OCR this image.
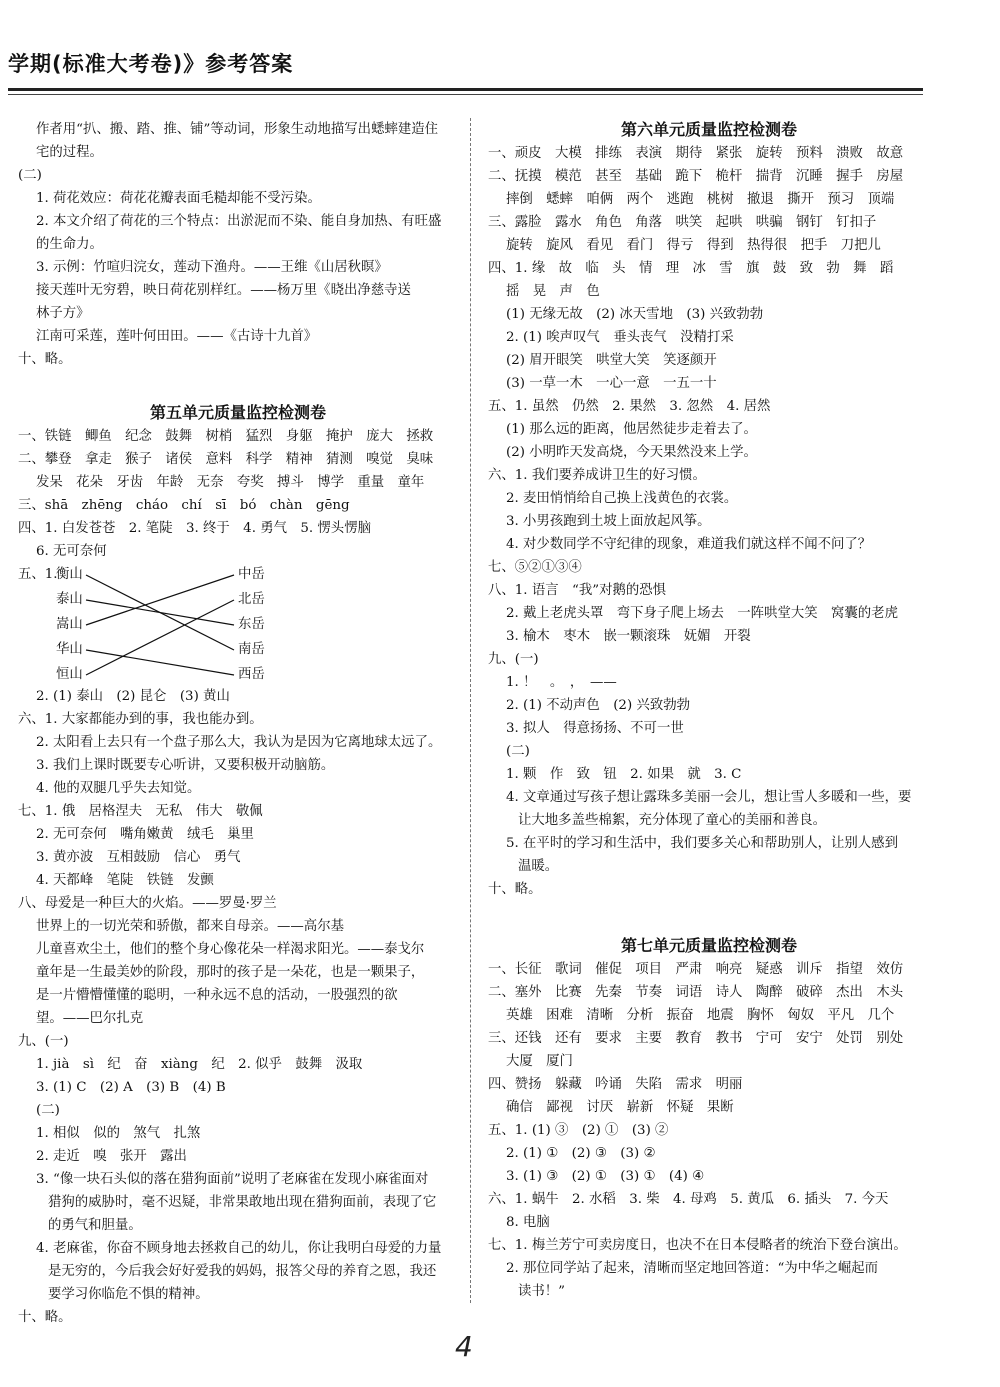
学期(标准大考卷)》参考答案
作者用“扒、搬、踏、推、铺”等动词，形象生动地描写出蟋蟀建造住
宅的过程。
(二)
1. 荷花效应：荷花花瓣表面毛糙却能不受污染。
2. 本文介绍了荷花的三个特点：出淤泥而不染、能自身加热、有旺盛
的生命力。
3. 示例：竹喧归浣女，莲动下渔舟。——王维《山居秋暝》
接天莲叶无穷碧，映日荷花别样红。——杨万里《晓出净慈寺送
林子方》
江南可采莲，莲叶何田田。——《古诗十九首》
十、略。
第五单元质量监控检测卷
一、铁链　鲫鱼　纪念　鼓舞　树梢　猛烈　身躯　掩护　庞大　拯救
二、攀登　拿走　猴子　诸侯　意料　科学　精神　猜测　嗅觉　臭味
发呆　花朵　牙齿　年龄　无奈　夸奖　搏斗　博学　重量　童年
三、shā　zhēng　cháo　chí　sī　bó　chàn　gēng
四、1. 白发苍苍　2. 笔陡　3. 终于　4. 勇气　5. 愣头愣脑
6. 无可奈何
五、1.
衡山
泰山
嵩山
华山
恒山
中岳
北岳
东岳
南岳
西岳
2. (1) 泰山　(2) 昆仑　(3) 黄山
六、1. 大家都能办到的事，我也能办到。
2. 太阳看上去只有一个盘子那么大，我认为是因为它离地球太远了。
3. 我们上课时既要专心听讲，又要积极开动脑筋。
4. 他的双腿几乎失去知觉。
七、1. 俄　居格涅夫　无私　伟大　敬佩
2. 无可奈何　嘴角嫩黄　绒毛　巢里
3. 黄亦波　互相鼓励　信心　勇气
4. 天都峰　笔陡　铁链　发颤
八、母爱是一种巨大的火焰。——罗曼·罗兰
世界上的一切光荣和骄傲，都来自母亲。——高尔基
儿童喜欢尘土，他们的整个身心像花朵一样渴求阳光。——泰戈尔
童年是一生最美妙的阶段，那时的孩子是一朵花，也是一颗果子，
是一片懵懵懂懂的聪明，一种永远不息的活动，一股强烈的欲
望。——巴尔扎克
九、(一)
1. jià　sì　纪　奋　xiàng　纪　2. 似乎　鼓舞　汲取
3. (1) C　(2) A　(3) B　(4) B
(二)
1. 相似　似的　煞气　扎煞
2. 走近　嗅　张开　露出
3. “像一块石头似的落在猎狗面前”说明了老麻雀在发现小麻雀面对
猎狗的威胁时，毫不迟疑，非常果敢地出现在猎狗面前，表现了它
的勇气和胆量。
4. 老麻雀，你奋不顾身地去拯救自己的幼儿，你让我明白母爱的力量
是无穷的，今后我会好好爱我的妈妈，报答父母的养育之恩，我还
要学习你临危不惧的精神。
十、略。
第六单元质量监控检测卷
一、顽皮　大模　排练　表演　期待　紧张　旋转　预料　溃败　故意
二、抚摸　模范　甚至　基础　跪下　桅杆　揣背　沉睡　握手　房屋
摔倒　蟋蟀　咱俩　两个　逃跑　桃树　撤退　撕开　预习　顶端
三、露脸　露水　角色　角落　哄笑　起哄　哄骗　钢钉　钉扣子
旋转　旋风　看见　看门　得亏　得到　热得很　把手　刀把儿
四、1. 缘　故　临　头　情　理　冰　雪　旗　鼓　致　勃　舞　蹈
摇　晃　声　色
(1) 无缘无故　(2) 冰天雪地　(3) 兴致勃勃
2. (1) 唉声叹气　垂头丧气　没精打采
(2) 眉开眼笑　哄堂大笑　笑逐颜开
(3) 一草一木　一心一意　一五一十
五、1. 虽然　仍然　2. 果然　3. 忽然　4. 居然
(1) 那么远的距离，他居然徒步走着去了。
(2) 小明昨天发高烧，今天果然没来上学。
六、1. 我们要养成讲卫生的好习惯。
2. 麦田悄悄给自己换上浅黄色的衣裳。
3. 小男孩跑到土坡上面放起风筝。
4. 对少数同学不守纪律的现象，难道我们就这样不闻不问了？
七、⑤②①③④
八、1. 语言　“我”对鹅的恐惧
2. 戴上老虎头罩　弯下身子爬上场去　一阵哄堂大笑　窝囊的老虎
3. 榆木　枣木　嵌一颗滚珠　妩媚　开裂
九、(一)
1. ！　。　，　——
2. (1) 不动声色　(2) 兴致勃勃
3. 拟人　得意扬扬、不可一世
(二)
1. 颗　作　致　钮　2. 如果　就　3. C
4. 文章通过写孩子想让露珠多美丽一会儿，想让雪人多暖和一些，要
让大地多盖些棉絮，充分体现了童心的美丽和善良。
5. 在平时的学习和生活中，我们要多关心和帮助别人，让别人感到
温暖。
十、略。
第七单元质量监控检测卷
一、长征　歌词　催促　项目　严肃　响亮　疑惑　训斥　指望　效仿
二、塞外　比赛　先秦　节奏　词语　诗人　陶醉　破碎　杰出　木头
英雄　困难　清晰　分析　振奋　地震　胸怀　匈奴　平凡　几个
三、还钱　还有　要求　主要　教育　教书　宁可　安宁　处罚　别处
大厦　厦门
四、赞扬　躲藏　吟诵　失陷　需求　明丽
确信　鄙视　讨厌　崭新　怀疑　果断
五、1. (1) ③　(2) ①　(3) ②
2. (1) ①　(2) ③　(3) ②
3. (1) ③　(2) ①　(3) ①　(4) ④
六、1. 蜗牛　2. 水稻　3. 柴　4. 母鸡　5. 黄瓜　6. 插头　7. 今天
8. 电脑
七、1. 梅兰芳宁可卖房度日，也决不在日本侵略者的统治下登台演出。
2. 那位同学站了起来，清晰而坚定地回答道：“为中华之崛起而
读书！”
4
